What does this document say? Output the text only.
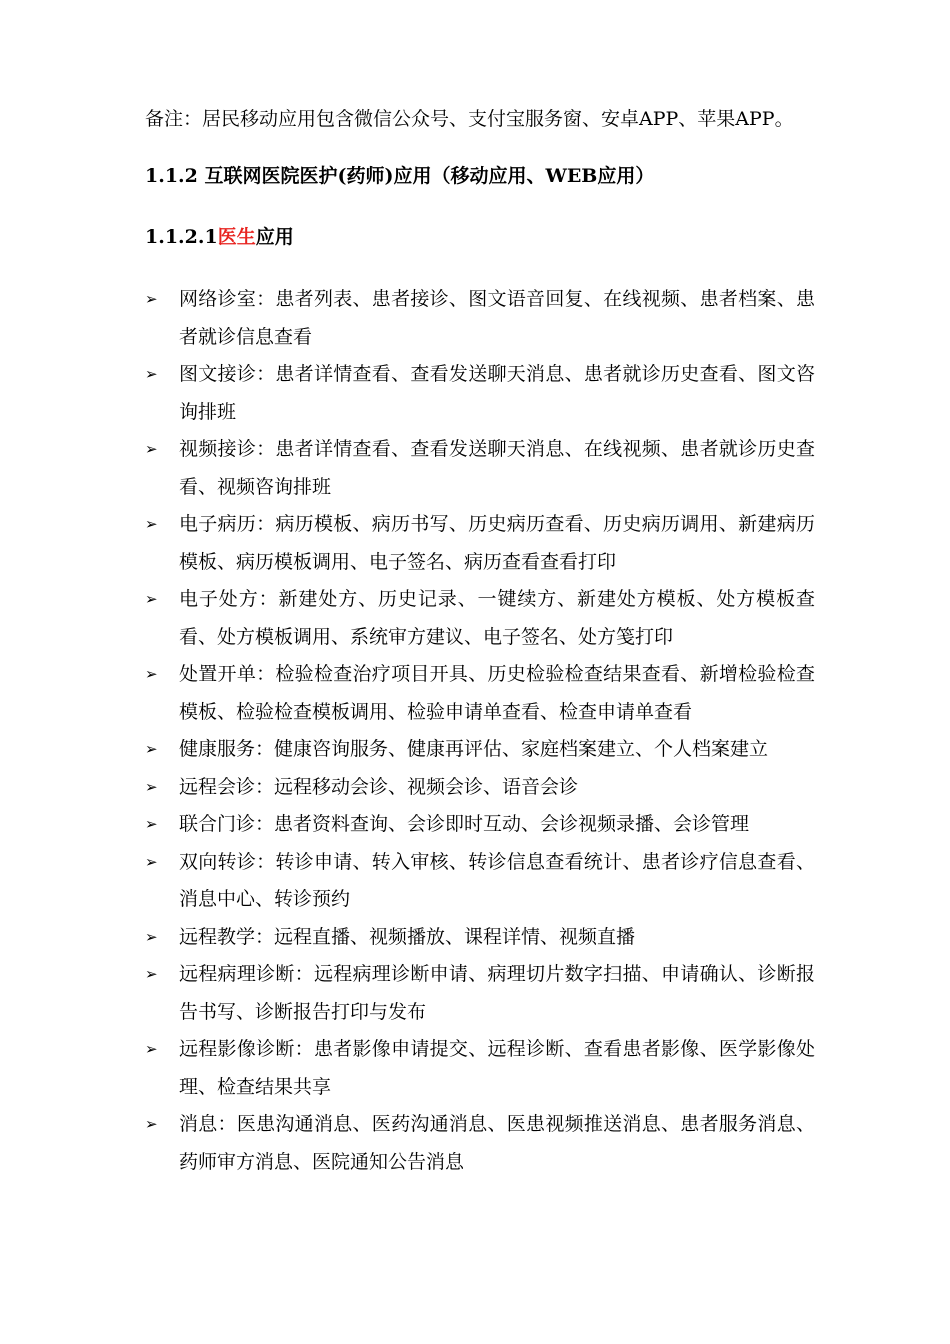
备注：居民移动应用包含微信公众号、支付宝服务窗、安卓APP、苹果APP。
1.1.2 互联网医院医护(药师)应用（移动应用、WEB应用）
1.1.2.1医生应用
➢	网络诊室：患者列表、患者接诊、图文语音回复、在线视频、患者档案、患者就诊信息查看
➢	图文接诊：患者详情查看、查看发送聊天消息、患者就诊历史查看、图文咨询排班
➢	视频接诊：患者详情查看、查看发送聊天消息、在线视频、患者就诊历史查看、视频咨询排班
➢	电子病历：病历模板、病历书写、历史病历查看、历史病历调用、新建病历模板、病历模板调用、电子签名、病历查看查看打印
➢	电子处方：新建处方、历史记录、一键续方、新建处方模板、处方模板查看、处方模板调用、系统审方建议、电子签名、处方笺打印
➢	处置开单：检验检查治疗项目开具、历史检验检查结果查看、新增检验检查模板、检验检查模板调用、检验申请单查看、检查申请单查看
➢	健康服务：健康咨询服务、健康再评估、家庭档案建立、个人档案建立
➢	远程会诊：远程移动会诊、视频会诊、语音会诊
➢	联合门诊：患者资料查询、会诊即时互动、会诊视频录播、会诊管理
➢	双向转诊：转诊申请、转入审核、转诊信息查看统计、患者诊疗信息查看、消息中心、转诊预约
➢	远程教学：远程直播、视频播放、课程详情、视频直播
➢	远程病理诊断：远程病理诊断申请、病理切片数字扫描、申请确认、诊断报告书写、诊断报告打印与发布
➢	远程影像诊断：患者影像申请提交、远程诊断、查看患者影像、医学影像处理、检查结果共享
➢	消息：医患沟通消息、医药沟通消息、医患视频推送消息、患者服务消息、药师审方消息、医院通知公告消息
